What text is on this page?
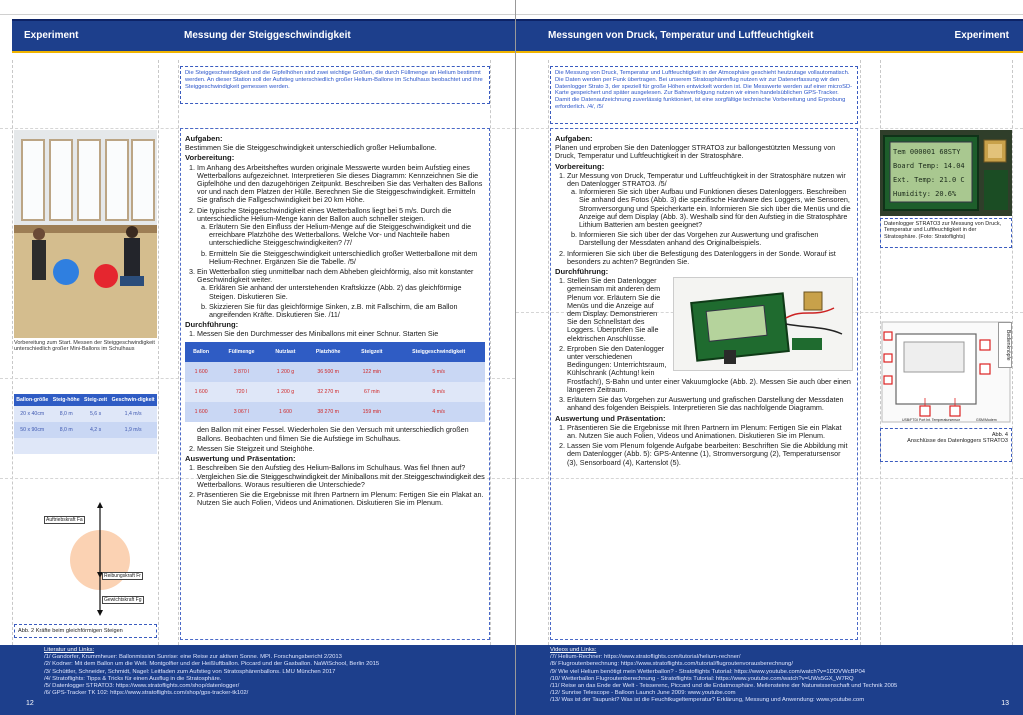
Experiment	Messung der Steiggeschwindigkeit
Die Steiggeschwindigkeit und die Gipfelhöhen sind zwei wichtige Größen, die durch Füllmenge an Helium bestimmt werden. An dieser Station soll der Aufstieg unterschiedlich großer Helium-Ballone im Schulhaus beobachtet und ihre Steiggeschwindigkeit gemessen werden.
Vorbereitung zum Start. Messen der Steiggeschwindigkeit unterschiedlich großer Mini-Ballons im Schulhaus
Ballon-größe	Steig-höhe	Steig-zeit	Geschwin-digkeit
20 x 40cm	8,0 m	5,6 s	1,4 m/s
50 x 90cm	8,0 m	4,2 s	1,9 m/s

Auftriebskraft Fa
Reibungskraft Fr
Gewichtskraft Fg
Abb. 2 Kräfte beim gleichförmigen Steigen
Aufgaben:

Bestimmen Sie die Steiggeschwindigkeit unterschiedlich großer Heliumballone.

Vorbereitung:
1. Im Anhang des Arbeitsheftes wurden originale Messwerte wurden beim Aufstieg eines Wetterballons aufgezeichnet. Interpretieren Sie dieses Diagramm: Kennzeichnen Sie die Gipfelhöhe und den dazugehörigen Zeitpunkt. Beschreiben Sie das Verhalten des Ballons vor und nach dem Platzen der Hülle. Berechnen Sie die Steiggeschwindigkeit. Ermitteln Sie grafisch die Fallgeschwindigkeit bei 20 km Höhe.
2. Die typische Steiggeschwindigkeit eines Wetterballons liegt bei 5 m/s. Durch die unterschiedliche Helium-Menge kann der Ballon auch schneller steigen.
a. Erläutern Sie den Einfluss der Helium-Menge auf die Steiggeschwindigkeit und die erreichbare Platzhöhe des Wetterballons. Welche Vor- und Nachteile haben unterschiedliche Steiggeschwindigkeiten? /7/
b. Ermitteln Sie die Steiggeschwindigkeit unterschiedlich großer Wetterballone mit dem Helium-Rechner. Ergänzen Sie die Tabelle. /5/
3. Ein Wetterballon stieg unmittelbar nach dem Abheben gleichförmig, also mit konstanter Geschwindigkeit weiter.
a. Erklären Sie anhand der unterstehenden Kraftskizze (Abb. 2) das gleichförmige Steigen. Diskutieren Sie.
b. Skizzieren Sie für das gleichförmige Sinken, z.B. mit Fallschirm, die am Ballon angreifenden Kräfte. Diskutieren Sie. /11/
Durchführung:
1. Messen Sie den Durchmesser des Miniballons mit einer Schnur. Starten Sie
Ballon	Füllmenge	Nutzlast	Platzhöhe	Steigzeit	Steiggeschwindigkeit
1 600	3 870 l	1 200 g	36 500 m	122 min	5 m/s
1 600	720 l	1 200 g	32 270 m	67 min	8 m/s
1 600	3 067 l	1 600	38 270 m	159 min	4 m/s

den Ballon mit einer Fessel. Wiederholen Sie den Versuch mit unterschiedlich großen Ballons. Beobachten und filmen Sie die Aufstiege im Schulhaus.

2. Messen Sie Steigzeit und Steighöhe.
Auswertung und Präsentation:
1. Beschreiben Sie den Aufstieg des Helium-Ballons im Schulhaus. Was fiel Ihnen auf? Vergleichen Sie die Steiggeschwindigkeit der Miniballons mit der Steiggeschwindigkeit des Wetterballons. Woraus resultieren die Unterschiede?
2. Präsentieren Sie die Ergebnisse mit Ihren Partnern im Plenum: Fertigen Sie ein Plakat an. Nutzen Sie auch Folien, Videos und Animationen. Diskutieren Sie im Plenum.
Literatur und Links:
/1/ Gandorfer, Krummheuer: Ballonmission Sunrise: eine Reise zur aktiven Sonne. MPI. Forschungsbericht 2/2013
/2/ Kodner: Mit dem Ballon um die Welt. Montgolfier und der Heißluftballon. Piccard und der Gasballon. NaWiSchool, Berlin 2015
/3/ Schüttler, Schneider, Schmidt, Nagel: Leitfaden zum Aufstieg von Stratosphärenballons. LMU München 2017
/4/ Stratoflights: Tipps & Tricks für einen Ausflug in die Stratosphäre.
/5/ Datenlogger STRATO3: https://www.stratoflights.com/shop/datenlogger/
/6/ GPS-Tracker TK 102: https://www.stratoflights.com/shop/gps-tracker-tk102/
12
Messungen von Druck, Temperatur und Luftfeuchtigkeit	Experiment
Die Messung von Druck, Temperatur und Luftfeuchtigkeit in der Atmosphäre geschieht heutzutage vollautomatisch. Die Daten werden per Funk übertragen. Bei unserem Stratosphärenflug nutzen wir zur Datenerfassung wir den Datenlogger Strato 3, der speziell für große Höhen entwickelt worden ist. Die Messwerte werden auf einer microSD-Karte gespeichert und später ausgelesen. Zur Bahnverfolgung nutzen wir einen handelsüblichen GPS-Tracker. Damit die Datenaufzeichnung zuverlässig funktioniert, ist eine sorgfältige technische Vorbereitung und Erprobung erforderlich. /4/, /5/
Tem 000001 68STY
Board Temp: 14.04
Ext. Temp: 21.0 C
Humidity: 20.6%
Datenlogger STRATO3 zur Messung von Druck, Temperatur und Luftfeuchtigkeit in der Stratosphäre. (Foto: Stratoflights)
Int. Temperatursensor	GSM/Modem
USB/FTDI Port
Bedienknöpfe
Abb. 4
Anschlüsse des Datenloggers STRATO3
Aufgaben:

Planen und erproben Sie den Datenlogger STRATO3 zur ballongestützten Messung von Druck, Temperatur und Luftfeuchtigkeit in der Stratosphäre.

Vorbereitung:
1. Zur Messung von Druck, Temperatur und Luftfeuchtigkeit in der Stratosphäre nutzen wir den Datenlogger STRATO3. /5/
a. Informieren Sie sich über Aufbau und Funktionen dieses Datenloggers. Beschreiben Sie anhand des Fotos (Abb. 3) die spezifische Hardware des Loggers, wie Sensoren, Stromversorgung und Speicherkarte ein. Informieren Sie sich über die Menüs und die Anzeige auf dem Display (Abb. 3). Weshalb sind für den Aufstieg in die Stratosphäre Lithium Batterien am besten geeignet?
b. Informieren Sie sich über der das Vorgehen zur Auswertung und grafischen Darstellung der Messdaten anhand des Originalbeispiels.
2. Informieren Sie sich über die Befestigung des Datenloggers in der Sonde. Worauf ist besonders zu achten? Begründen Sie.
Durchführung:
1. Stellen Sie den Datenlogger gemeinsam mit anderen dem Plenum vor. Erläutern Sie die Menüs und die Anzeige auf dem Display. Demonstrieren Sie den Schnellstart des Loggers. Überprüfen Sie alle elektrischen Anschlüsse.
2. Erproben Sie den Datenlogger unter verschiedenen Bedingungen: Unterrichtsraum, Kühlschrank (Achtung! kein Frostfach!), S-Bahn und unter einer Vakuumglocke (Abb. 2). Messen Sie auch über einen längeren Zeitraum.
3. Erläutern Sie das Vorgehen zur Auswertung und grafischen Darstellung der Messdaten anhand des folgenden Beispiels. Interpretieren Sie das nachfolgende Diagramm.
Auswertung und Präsentation:
1. Präsentieren Sie die Ergebnisse mit Ihren Partnern im Plenum: Fertigen Sie ein Plakat an. Nutzen Sie auch Folien, Videos und Animationen. Diskutieren Sie im Plenum.
2. Lassen Sie vom Plenum folgende Aufgabe bearbeiten: Beschriften Sie die Abbildung mit dem Datenlogger (Abb. 5): GPS-Antenne (1), Stromversorgung (2), Temperatursensor (3), Sensorboard (4), Kartenslot (5).
Videos und Links:
/7/ Helium-Rechner: https://www.stratoflights.com/tutorial/helium-rechner/
/8/ Flugroutenberechnung: https://www.stratoflights.com/tutorial/flugroutenvorausberechnung/
/9/ Wie viel Helium benötigt mein Wetterballon? - Stratoflights Tutorial: https://www.youtube.com/watch?v=1DDVWcBP04
/10/ Wetterballon Flugroutenberechnung - Stratoflights Tutorial: https://www.youtube.com/watch?v=UWs5GX_W7RQ
/11/ Reise an das Ende der Welt - Teisserenc, Piccard und die Erdatmosphäre. Meilensteine der Naturwissenschaft und Technik 2005
/12/ Sunrise Telescope - Balloon Launch June 2009: www.youtube.com
/13/ Was ist der Taupunkt? Was ist die Feuchtkugeltemperatur? Erklärung, Messung und Anwendung: www.youtube.com	13
